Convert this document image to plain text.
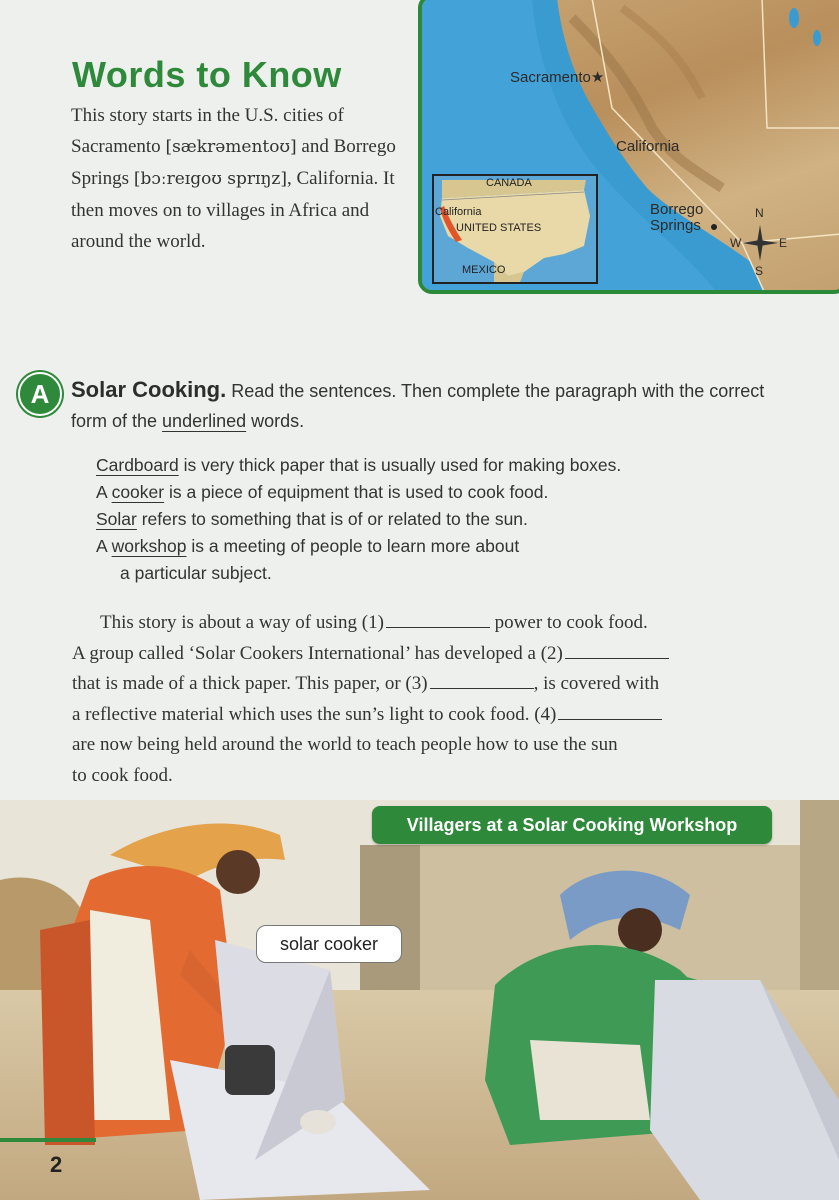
Words to Know
This story starts in the U.S. cities of Sacramento [sækrəmentoʊ] and Borrego Springs [bɔːreɪgoʊ sprɪŋz], California. It then moves on to villages in Africa and around the world.
Sacramento★
California
Borrego
Springs
N
S
E
W
CANADA
California
UNITED STATES
MEXICO
A Solar Cooking. Read the sentences. Then complete the paragraph with the correct form of the underlined words.
Cardboard is very thick paper that is usually used for making boxes.
A cooker is a piece of equipment that is used to cook food.
Solar refers to something that is of or related to the sun.
A workshop is a meeting of people to learn more about
a particular subject.
This story is about a way of using (1)	power to cook food.
A group called ‘Solar Cookers International’ has developed a (2)
that is made of a thick paper. This paper, or (3)	, is covered with
a reflective material which uses the sun’s light to cook food. (4)
are now being held around the world to teach people how to use the sun
to cook food.
Villagers at a Solar Cooking Workshop
solar cooker
2
